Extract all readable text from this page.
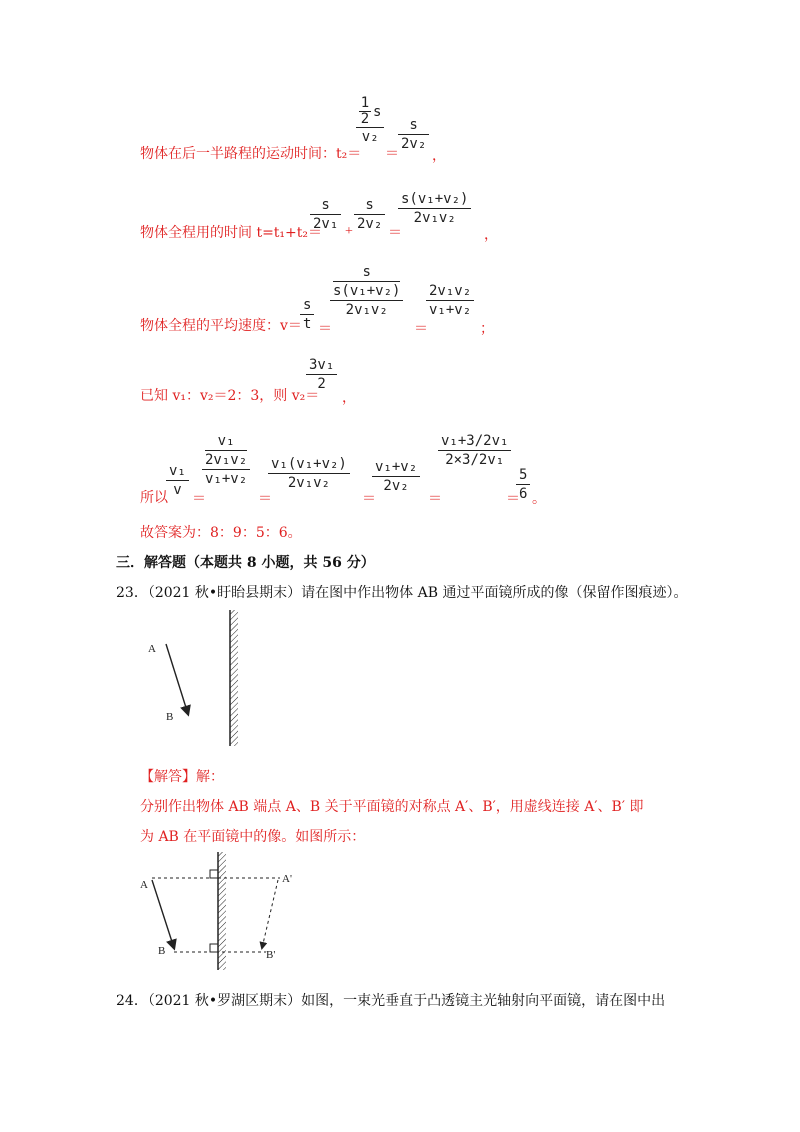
物体在后一半路程的运动时间：t₂＝
1
2 s
v₂
＝
s
2v₂
，
物体全程用的时间 t=t₁+t₂＝
s
2v₁ +
s
2v₂
＝
s(v₁+v₂)
2v₁v₂
，
物体全程的平均速度：v＝
s
t ＝
s
s(v₁+v₂)
2v₁v₂
＝
2v₁v₂
v₁+v₂
；
已知 v₁：v₂＝2：3，则 v₂＝
3v₁
2
，
所以
v₁
v
＝
v₁
2v₁v₂
v₁+v₂
＝
v₁(v₁+v₂)
2v₁v₂
＝
v₁+v₂
2v₂
＝
v₁+3/2v₁
2×3/2v₁
＝
5
6 。
故答案为：8：9：5：6。
三．解答题（本题共 8 小题，共 56 分）
23．（2021 秋•盱眙县期末）请在图中作出物体 AB 通过平面镜所成的像（保留作图痕迹）。
A
B
【解答】解：
分别作出物体 AB 端点 A、B 关于平面镜的对称点 A′、B′，用虚线连接 A′、B′ 即
为 AB 在平面镜中的像。如图所示：
A
B
A'
B'
24．（2021 秋•罗湖区期末）如图，一束光垂直于凸透镜主光轴射向平面镜，请在图中出
